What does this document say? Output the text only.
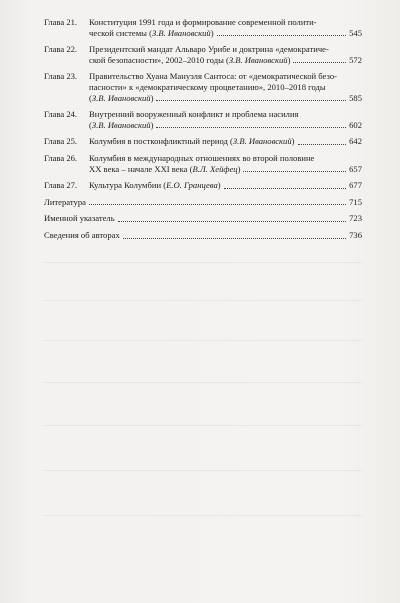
Глава 21.	Конституция 1991 года и формирование современной полити-
ческой системы (З.В. Ивановский)	545
Глава 22.	Президентский мандат Альваро Урибе и доктрина «демократиче-
ской безопасности», 2002–2010 годы (З.В. Ивановский)	572
Глава 23.	Правительство Хуана Мануэля Сантоса: от «демократической безо-
пасности» к «демократическому процветанию», 2010–2018 годы
(З.В. Ивановский)	585
Глава 24.	Внутренний вооруженный конфликт и проблема насилия
(З.В. Ивановский)	602
Глава 25.	Колумбия в постконфликтный период (З.В. Ивановский)	642
Глава 26.	Колумбия в международных отношениях во второй половине
XX века – начале XXI века (В.Л. Хейфец)	657
Глава 27.	Культура Колумбии (Е.О. Гранцева)	677
Литература	715
Именной указатель	723
Сведения об авторах	736
